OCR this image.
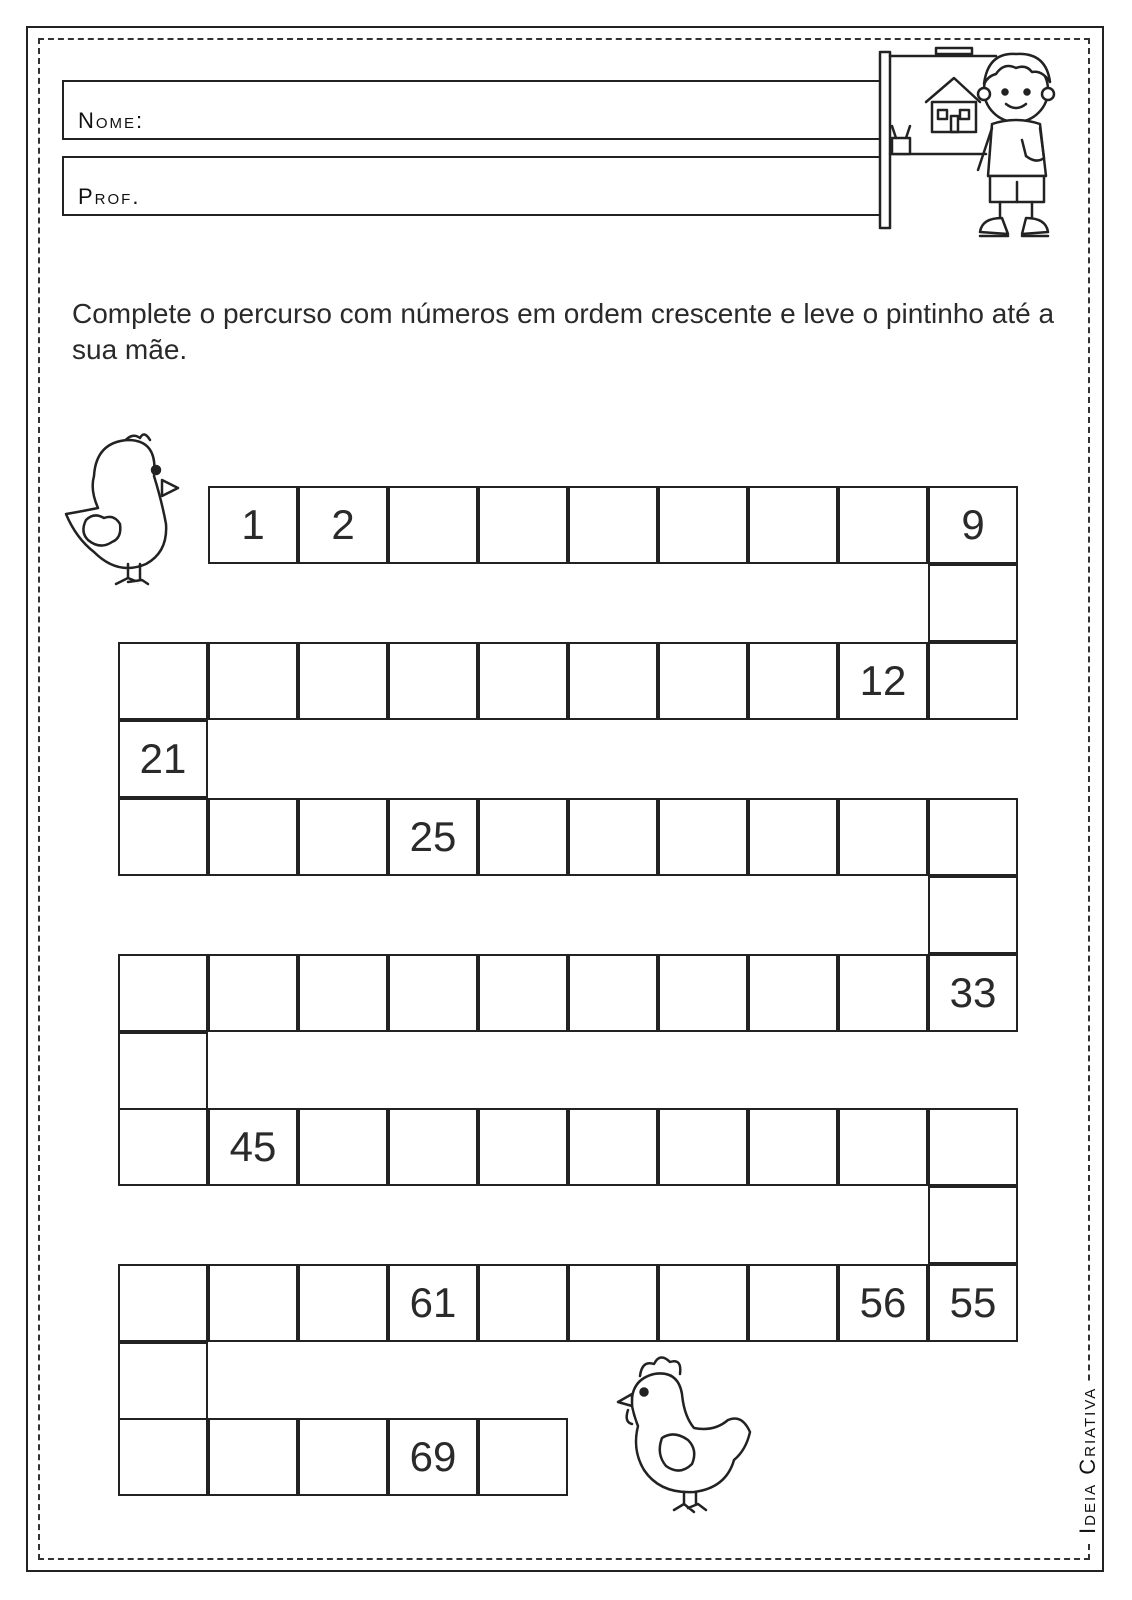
Nome:
Prof.
Complete o percurso com números em ordem crescente e leve o pintinho até a sua mãe.
1	2	9
12
21
25
33
45
61	56	55
69	Ideia Criativa
